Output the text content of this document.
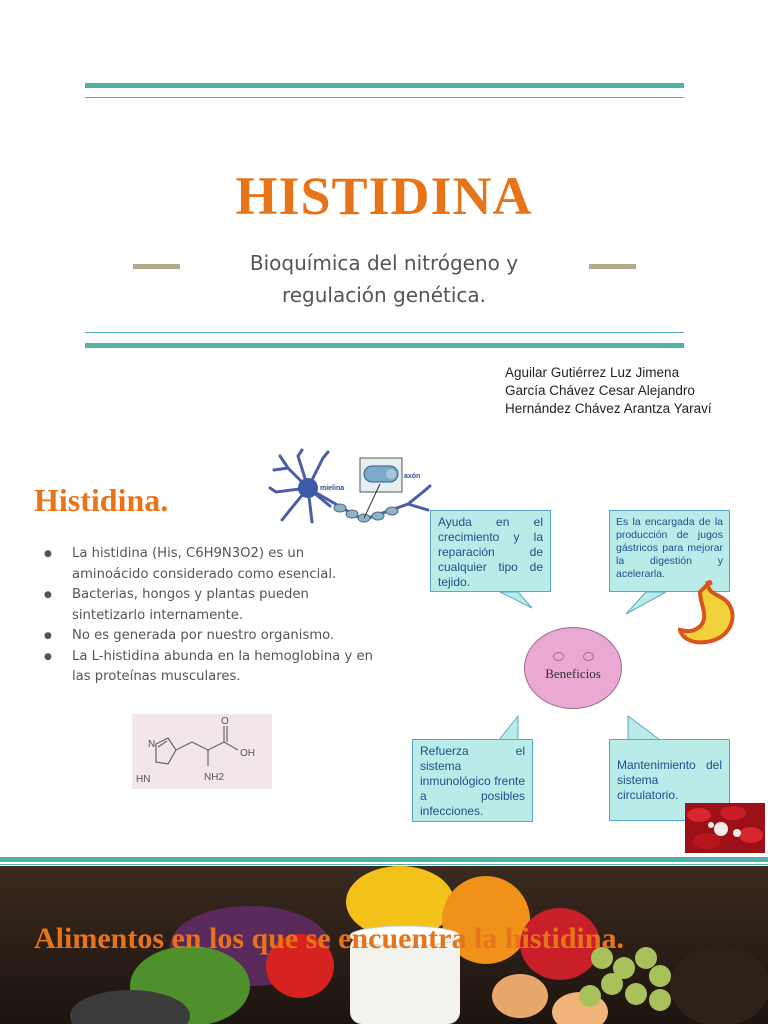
HISTIDINA
Bioquímica del nitrógeno y regulación genética.
Aguilar Gutiérrez Luz Jimena
García Chávez Cesar Alejandro
Hernández Chávez Arantza Yaraví
mielina
axón
Histidina.
● La histidina (His, C6H9N3O2) es un aminoácido considerado como esencial.
● Bacterias, hongos y plantas pueden sintetizarlo internamente.
● No es generada por nuestro organismo.
● La L-histidina abunda en la hemoglobina y en las proteínas musculares.
N
HN
O
OH
NH2
Ayuda en el crecimiento y la reparación de cualquier tipo de tejido.
Es la encargada de la producción de jugos gástricos para mejorar la digestión y acelerarla.
Refuerza el sistema inmunológico frente a posibles infecciones.
Mantenimiento del sistema circulatorio.
Beneficios
Alimentos en los que se encuentra la histidina.
